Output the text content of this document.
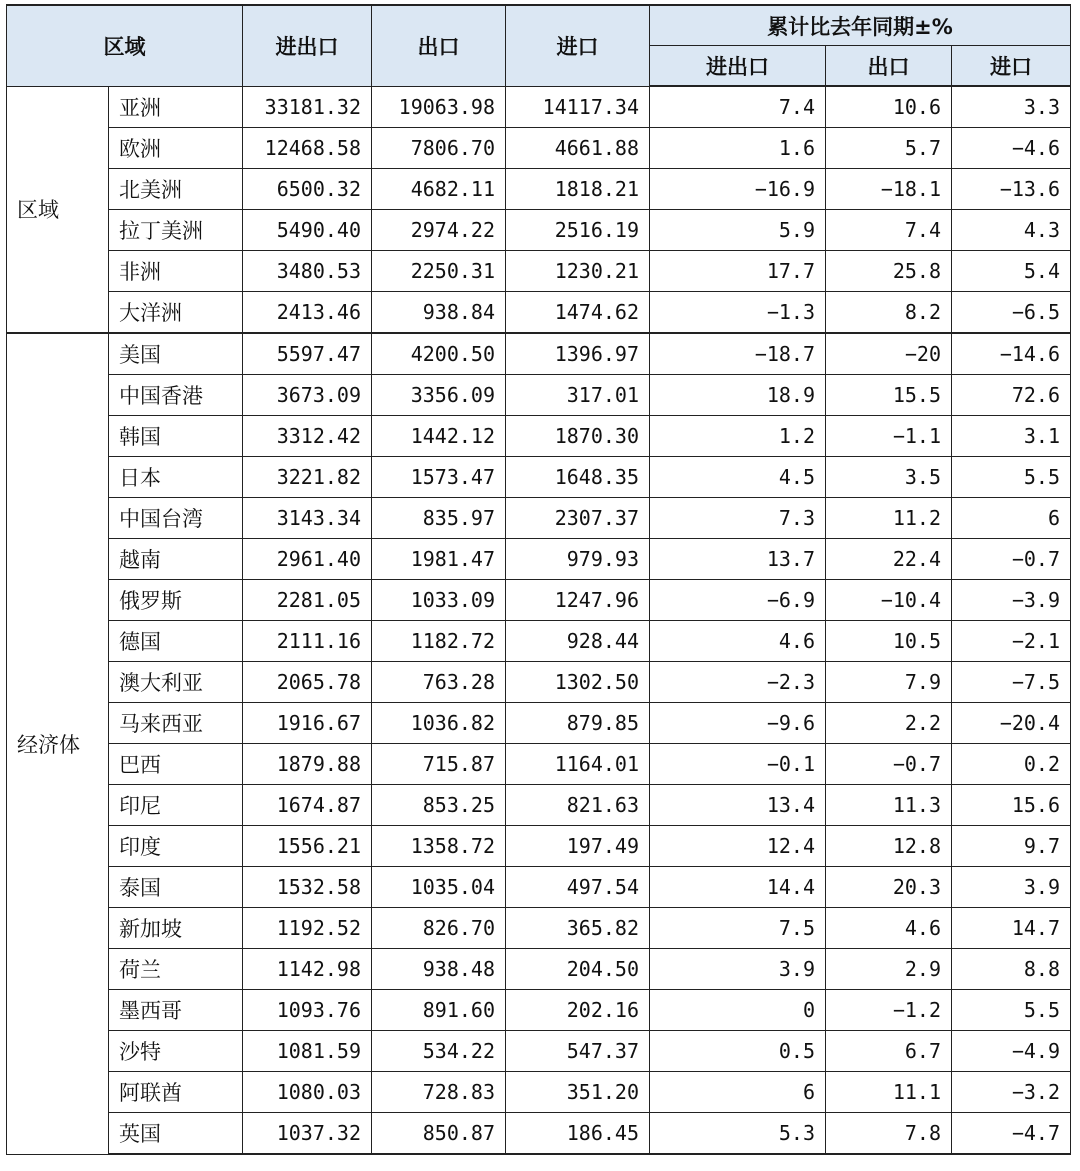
区域		进出口	出口	进口	累计比去年同期±%		
					进出口	出口	进口
区域	亚洲	33181.32	19063.98	14117.34	7.4	10.6	3.3
	欧洲	12468.58	7806.70	4661.88	1.6	5.7	−4.6
	北美洲	6500.32	4682.11	1818.21	−16.9	−18.1	−13.6
	拉丁美洲	5490.40	2974.22	2516.19	5.9	7.4	4.3
	非洲	3480.53	2250.31	1230.21	17.7	25.8	5.4
	大洋洲	2413.46	938.84	1474.62	−1.3	8.2	−6.5
经济体	美国	5597.47	4200.50	1396.97	−18.7	−20	−14.6
	中国香港	3673.09	3356.09	317.01	18.9	15.5	72.6
	韩国	3312.42	1442.12	1870.30	1.2	−1.1	3.1
	日本	3221.82	1573.47	1648.35	4.5	3.5	5.5
	中国台湾	3143.34	835.97	2307.37	7.3	11.2	6
	越南	2961.40	1981.47	979.93	13.7	22.4	−0.7
	俄罗斯	2281.05	1033.09	1247.96	−6.9	−10.4	−3.9
	德国	2111.16	1182.72	928.44	4.6	10.5	−2.1
	澳大利亚	2065.78	763.28	1302.50	−2.3	7.9	−7.5
	马来西亚	1916.67	1036.82	879.85	−9.6	2.2	−20.4
	巴西	1879.88	715.87	1164.01	−0.1	−0.7	0.2
	印尼	1674.87	853.25	821.63	13.4	11.3	15.6
	印度	1556.21	1358.72	197.49	12.4	12.8	9.7
	泰国	1532.58	1035.04	497.54	14.4	20.3	3.9
	新加坡	1192.52	826.70	365.82	7.5	4.6	14.7
	荷兰	1142.98	938.48	204.50	3.9	2.9	8.8
	墨西哥	1093.76	891.60	202.16	0	−1.2	5.5
	沙特	1081.59	534.22	547.37	0.5	6.7	−4.9
	阿联酋	1080.03	728.83	351.20	6	11.1	−3.2
	英国	1037.32	850.87	186.45	5.3	7.8	−4.7
